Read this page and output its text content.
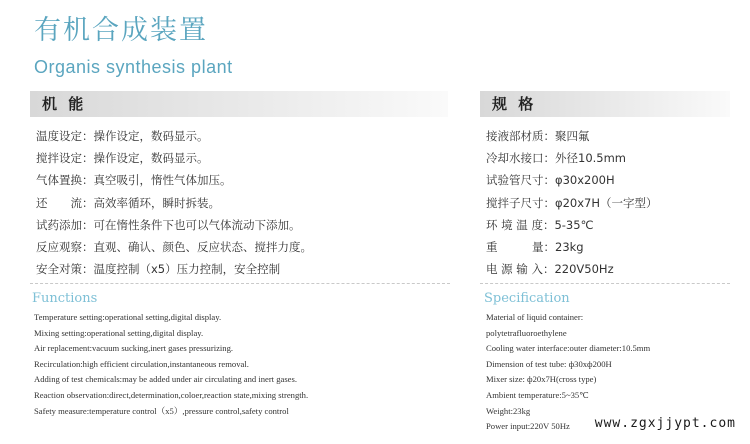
有机合成装置
Organis synthesis plant
机 能	规 格
温度设定：操作设定，数码显示。
搅拌设定：操作设定，数码显示。
气体置换：真空吸引，惰性气体加压。
还　　流：高效率循环，瞬时拆装。
试药添加：可在惰性条件下也可以气体流动下添加。
反应观察：直观、确认、颜色、反应状态、搅拌力度。
安全对策：温度控制（x5）压力控制，安全控制
接液部材质：聚四氟
冷却水接口：外径10.5mm
试验管尺寸：φ30x200H
搅拌子尺寸：φ20x7H（一字型）
环 境 温 度：5-35℃
重　　　量：23kg
电 源 输 入：220V50Hz
Functions	Specification
Temperature setting:operational setting,digital display.
Mixing setting:operational setting,digital display.
Air replacement:vacuum sucking,inert gases pressurizing.
Recirculation:high efficient circulation,instantaneous removal.
Adding of test chemicals:may be added under air circulating and inert gases.
Reaction observation:direct,determination,coloer,reaction state,mixing strength.
Safety measure:temperature control（x5）,pressure control,safety control
Material of liquid container:
polytetrafluoroethylene
Cooling water interface:outer diameter:10.5mm
Dimension of test tube: ф30xф200H
Mixer size: ф20x7H(cross type)
Ambient temperature:5~35℃
Weight:23kg
Power input:220V 50Hz	www.zgxjjypt.com
